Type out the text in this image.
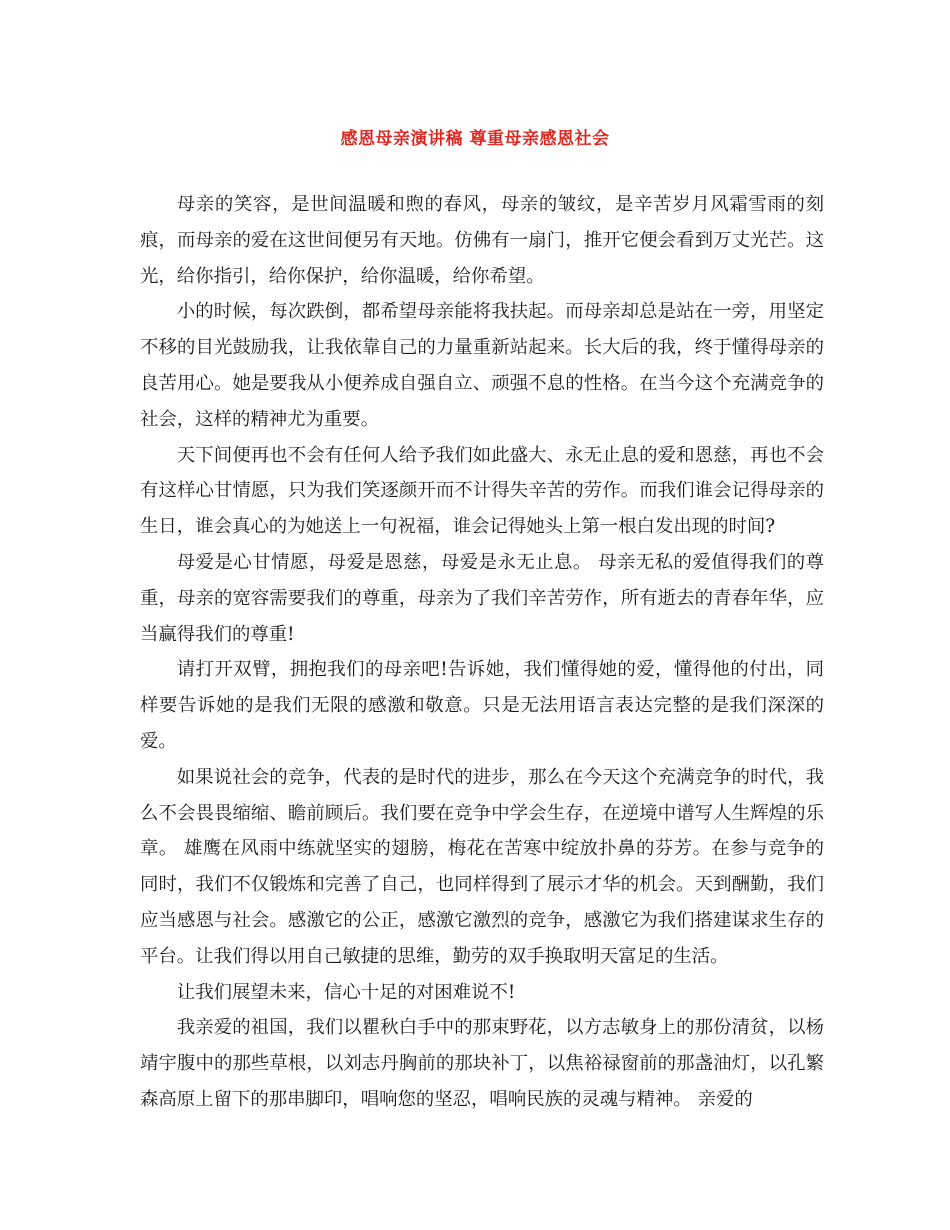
感恩母亲演讲稿 尊重母亲感恩社会

母亲的笑容，是世间温暖和煦的春风，母亲的皱纹，是辛苦岁月风霜雪雨的刻痕，而母亲的爱在这世间便另有天地。仿佛有一扇门，推开它便会看到万丈光芒。这光，给你指引，给你保护，给你温暖，给你希望。

小的时候，每次跌倒，都希望母亲能将我扶起。而母亲却总是站在一旁，用坚定不移的目光鼓励我，让我依靠自己的力量重新站起来。长大后的我，终于懂得母亲的良苦用心。她是要我从小便养成自强自立、顽强不息的性格。在当今这个充满竞争的社会，这样的精神尤为重要。

天下间便再也不会有任何人给予我们如此盛大、永无止息的爱和恩慈，再也不会有这样心甘情愿，只为我们笑逐颜开而不计得失辛苦的劳作。而我们谁会记得母亲的生日，谁会真心的为她送上一句祝福，谁会记得她头上第一根白发出现的时间?

母爱是心甘情愿，母爱是恩慈，母爱是永无止息。 母亲无私的爱值得我们的尊重，母亲的宽容需要我们的尊重，母亲为了我们辛苦劳作，所有逝去的青春年华，应当赢得我们的尊重!

请打开双臂，拥抱我们的母亲吧!告诉她，我们懂得她的爱，懂得他的付出，同样要告诉她的是我们无限的感激和敬意。只是无法用语言表达完整的是我们深深的爱。

如果说社会的竞争，代表的是时代的进步，那么在今天这个充满竞争的时代，我么不会畏畏缩缩、瞻前顾后。我们要在竞争中学会生存，在逆境中谱写人生辉煌的乐章。 雄鹰在风雨中练就坚实的翅膀，梅花在苦寒中绽放扑鼻的芬芳。在参与竞争的同时，我们不仅锻炼和完善了自己，也同样得到了展示才华的机会。天到酬勤，我们应当感恩与社会。感激它的公正，感激它激烈的竞争，感激它为我们搭建谋求生存的平台。让我们得以用自己敏捷的思维，勤劳的双手换取明天富足的生活。

让我们展望未来，信心十足的对困难说不!

我亲爱的祖国，我们以瞿秋白手中的那束野花，以方志敏身上的那份清贫，以杨靖宇腹中的那些草根，以刘志丹胸前的那块补丁，以焦裕禄窗前的那盏油灯，以孔繁森高原上留下的那串脚印，唱响您的坚忍，唱响民族的灵魂与精神。 亲爱的
